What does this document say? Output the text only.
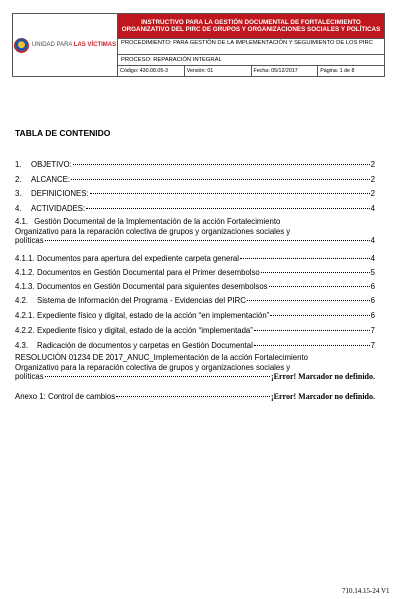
UNIDAD PARA LAS VÍCTIMAS
INSTRUCTIVO PARA LA GESTIÓN DOCUMENTAL DE FORTALECIMIENTO ORGANIZATIVO DEL PIRC DE GRUPOS Y ORGANIZACIONES SOCIALES Y POLÍTICAS
PROCEDIMIENTO: PARA GESTIÓN DE LA IMPLEMENTACIÓN Y SEGUIMIENTO DE LOS PIRC
PROCESO: REPARACIÓN INTEGRAL
Código: 430.08.05-3	Versión: 01	Fecha: 05/12/2017	Página: 1 de 8
TABLA DE CONTENIDO
1.	OBJETIVO:	2
2.	ALCANCE:	2
3.	DEFINICIONES:	2
4.	ACTIVIDADES:	4
4.1. Gestión Documental de la Implementación de la acción Fortalecimiento
Organizativo para la reparación colectiva de grupos y organizaciones sociales y
políticas	4
4.1.1. Documentos para apertura del expediente carpeta general	4
4.1.2. Documentos en Gestión Documental para el Primer desembolso	5
4.1.3. Documentos en Gestión Documental para siguientes desembolsos	6
4.2.	Sistema de Información del Programa - Evidencias del PIRC	6
4.2.1. Expediente físico y digital, estado de la acción “en implementación”	6
4.2.2. Expediente físico y digital, estado de la acción “implementada”	7
4.3.	Radicación de documentos y carpetas en Gestión Documental	7
RESOLUCIÓN 01234 DE 2017_ANUC_Implementación de la acción Fortalecimiento
Organizativo para la reparación colectiva de grupos y organizaciones sociales y
políticas	¡Error! Marcador no definido.
Anexo 1: Control de cambios	¡Error! Marcador no definido.
710.14.15-24 V1
